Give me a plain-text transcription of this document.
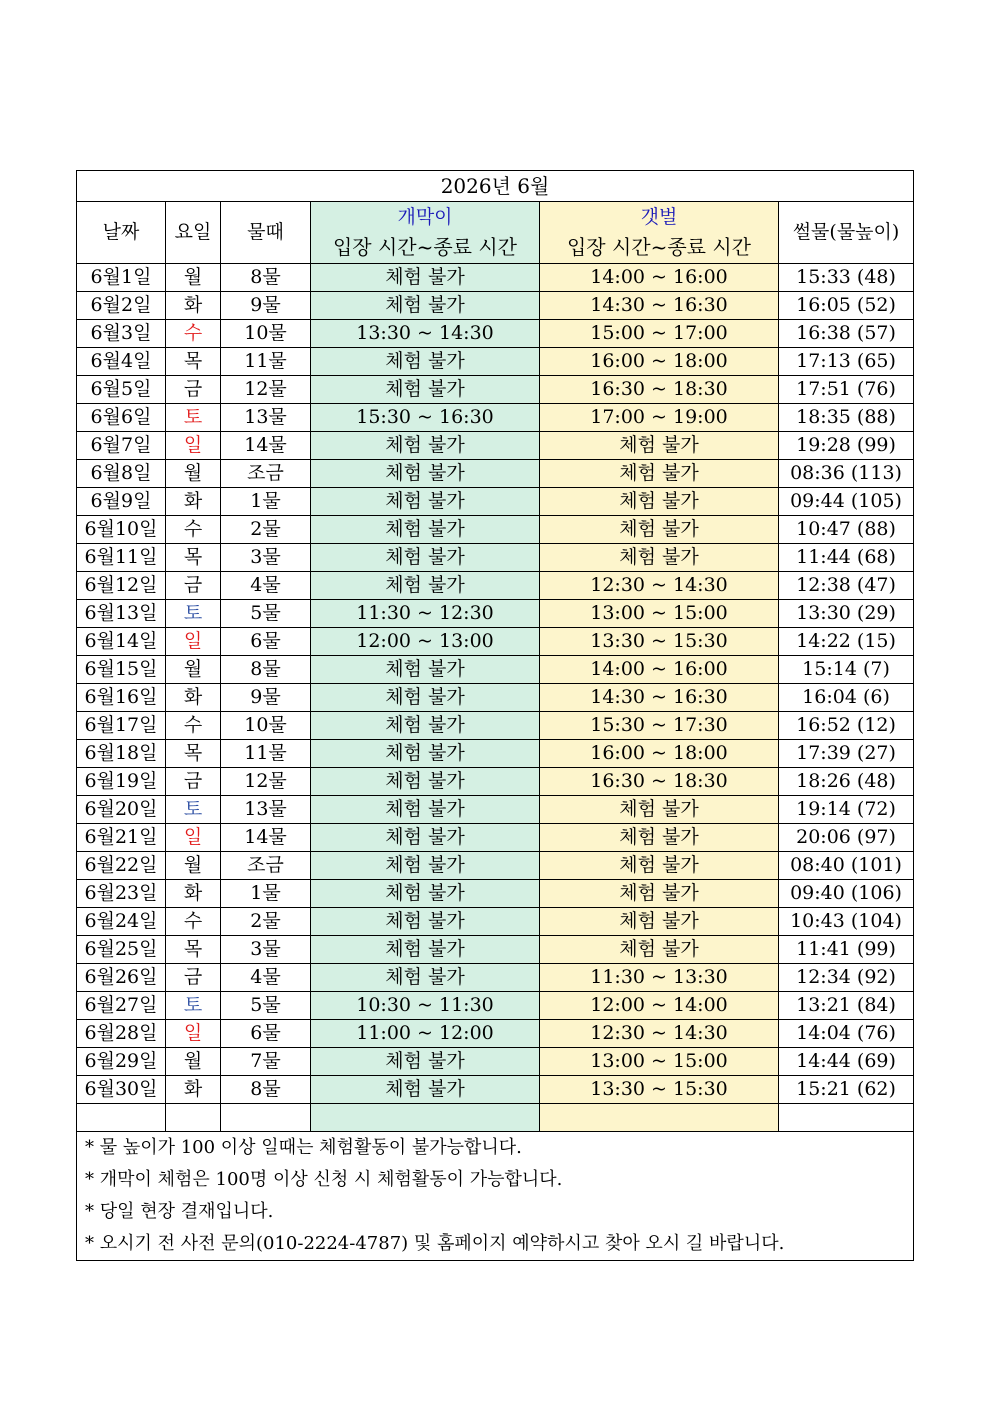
2026년 6월					
날짜	요일	물때	개막이	갯벌	썰물(물높이)
			입장 시간~종료 시간	입장 시간~종료 시간	
6월1일	월	8물	체험 불가	14:00 ~ 16:00	15:33 (48)
6월2일	화	9물	체험 불가	14:30 ~ 16:30	16:05 (52)
6월3일	수	10물	13:30 ~ 14:30	15:00 ~ 17:00	16:38 (57)
6월4일	목	11물	체험 불가	16:00 ~ 18:00	17:13 (65)
6월5일	금	12물	체험 불가	16:30 ~ 18:30	17:51 (76)
6월6일	토	13물	15:30 ~ 16:30	17:00 ~ 19:00	18:35 (88)
6월7일	일	14물	체험 불가	체험 불가	19:28 (99)
6월8일	월	조금	체험 불가	체험 불가	08:36 (113)
6월9일	화	1물	체험 불가	체험 불가	09:44 (105)
6월10일	수	2물	체험 불가	체험 불가	10:47 (88)
6월11일	목	3물	체험 불가	체험 불가	11:44 (68)
6월12일	금	4물	체험 불가	12:30 ~ 14:30	12:38 (47)
6월13일	토	5물	11:30 ~ 12:30	13:00 ~ 15:00	13:30 (29)
6월14일	일	6물	12:00 ~ 13:00	13:30 ~ 15:30	14:22 (15)
6월15일	월	8물	체험 불가	14:00 ~ 16:00	15:14 (7)
6월16일	화	9물	체험 불가	14:30 ~ 16:30	16:04 (6)
6월17일	수	10물	체험 불가	15:30 ~ 17:30	16:52 (12)
6월18일	목	11물	체험 불가	16:00 ~ 18:00	17:39 (27)
6월19일	금	12물	체험 불가	16:30 ~ 18:30	18:26 (48)
6월20일	토	13물	체험 불가	체험 불가	19:14 (72)
6월21일	일	14물	체험 불가	체험 불가	20:06 (97)
6월22일	월	조금	체험 불가	체험 불가	08:40 (101)
6월23일	화	1물	체험 불가	체험 불가	09:40 (106)
6월24일	수	2물	체험 불가	체험 불가	10:43 (104)
6월25일	목	3물	체험 불가	체험 불가	11:41 (99)
6월26일	금	4물	체험 불가	11:30 ~ 13:30	12:34 (92)
6월27일	토	5물	10:30 ~ 11:30	12:00 ~ 14:00	13:21 (84)
6월28일	일	6물	11:00 ~ 12:00	12:30 ~ 14:30	14:04 (76)
6월29일	월	7물	체험 불가	13:00 ~ 15:00	14:44 (69)
6월30일	화	8물	체험 불가	13:30 ~ 15:30	15:21 (62)

* 물 높이가 100 이상 일때는 체험활동이 불가능합니다.
* 개막이 체험은 100명 이상 신청 시 체험활동이 가능합니다.
* 당일 현장 결재입니다.
* 오시기 전 사전 문의(010-2224-4787) 및 홈페이지 예약하시고 찾아 오시 길 바랍니다.					
